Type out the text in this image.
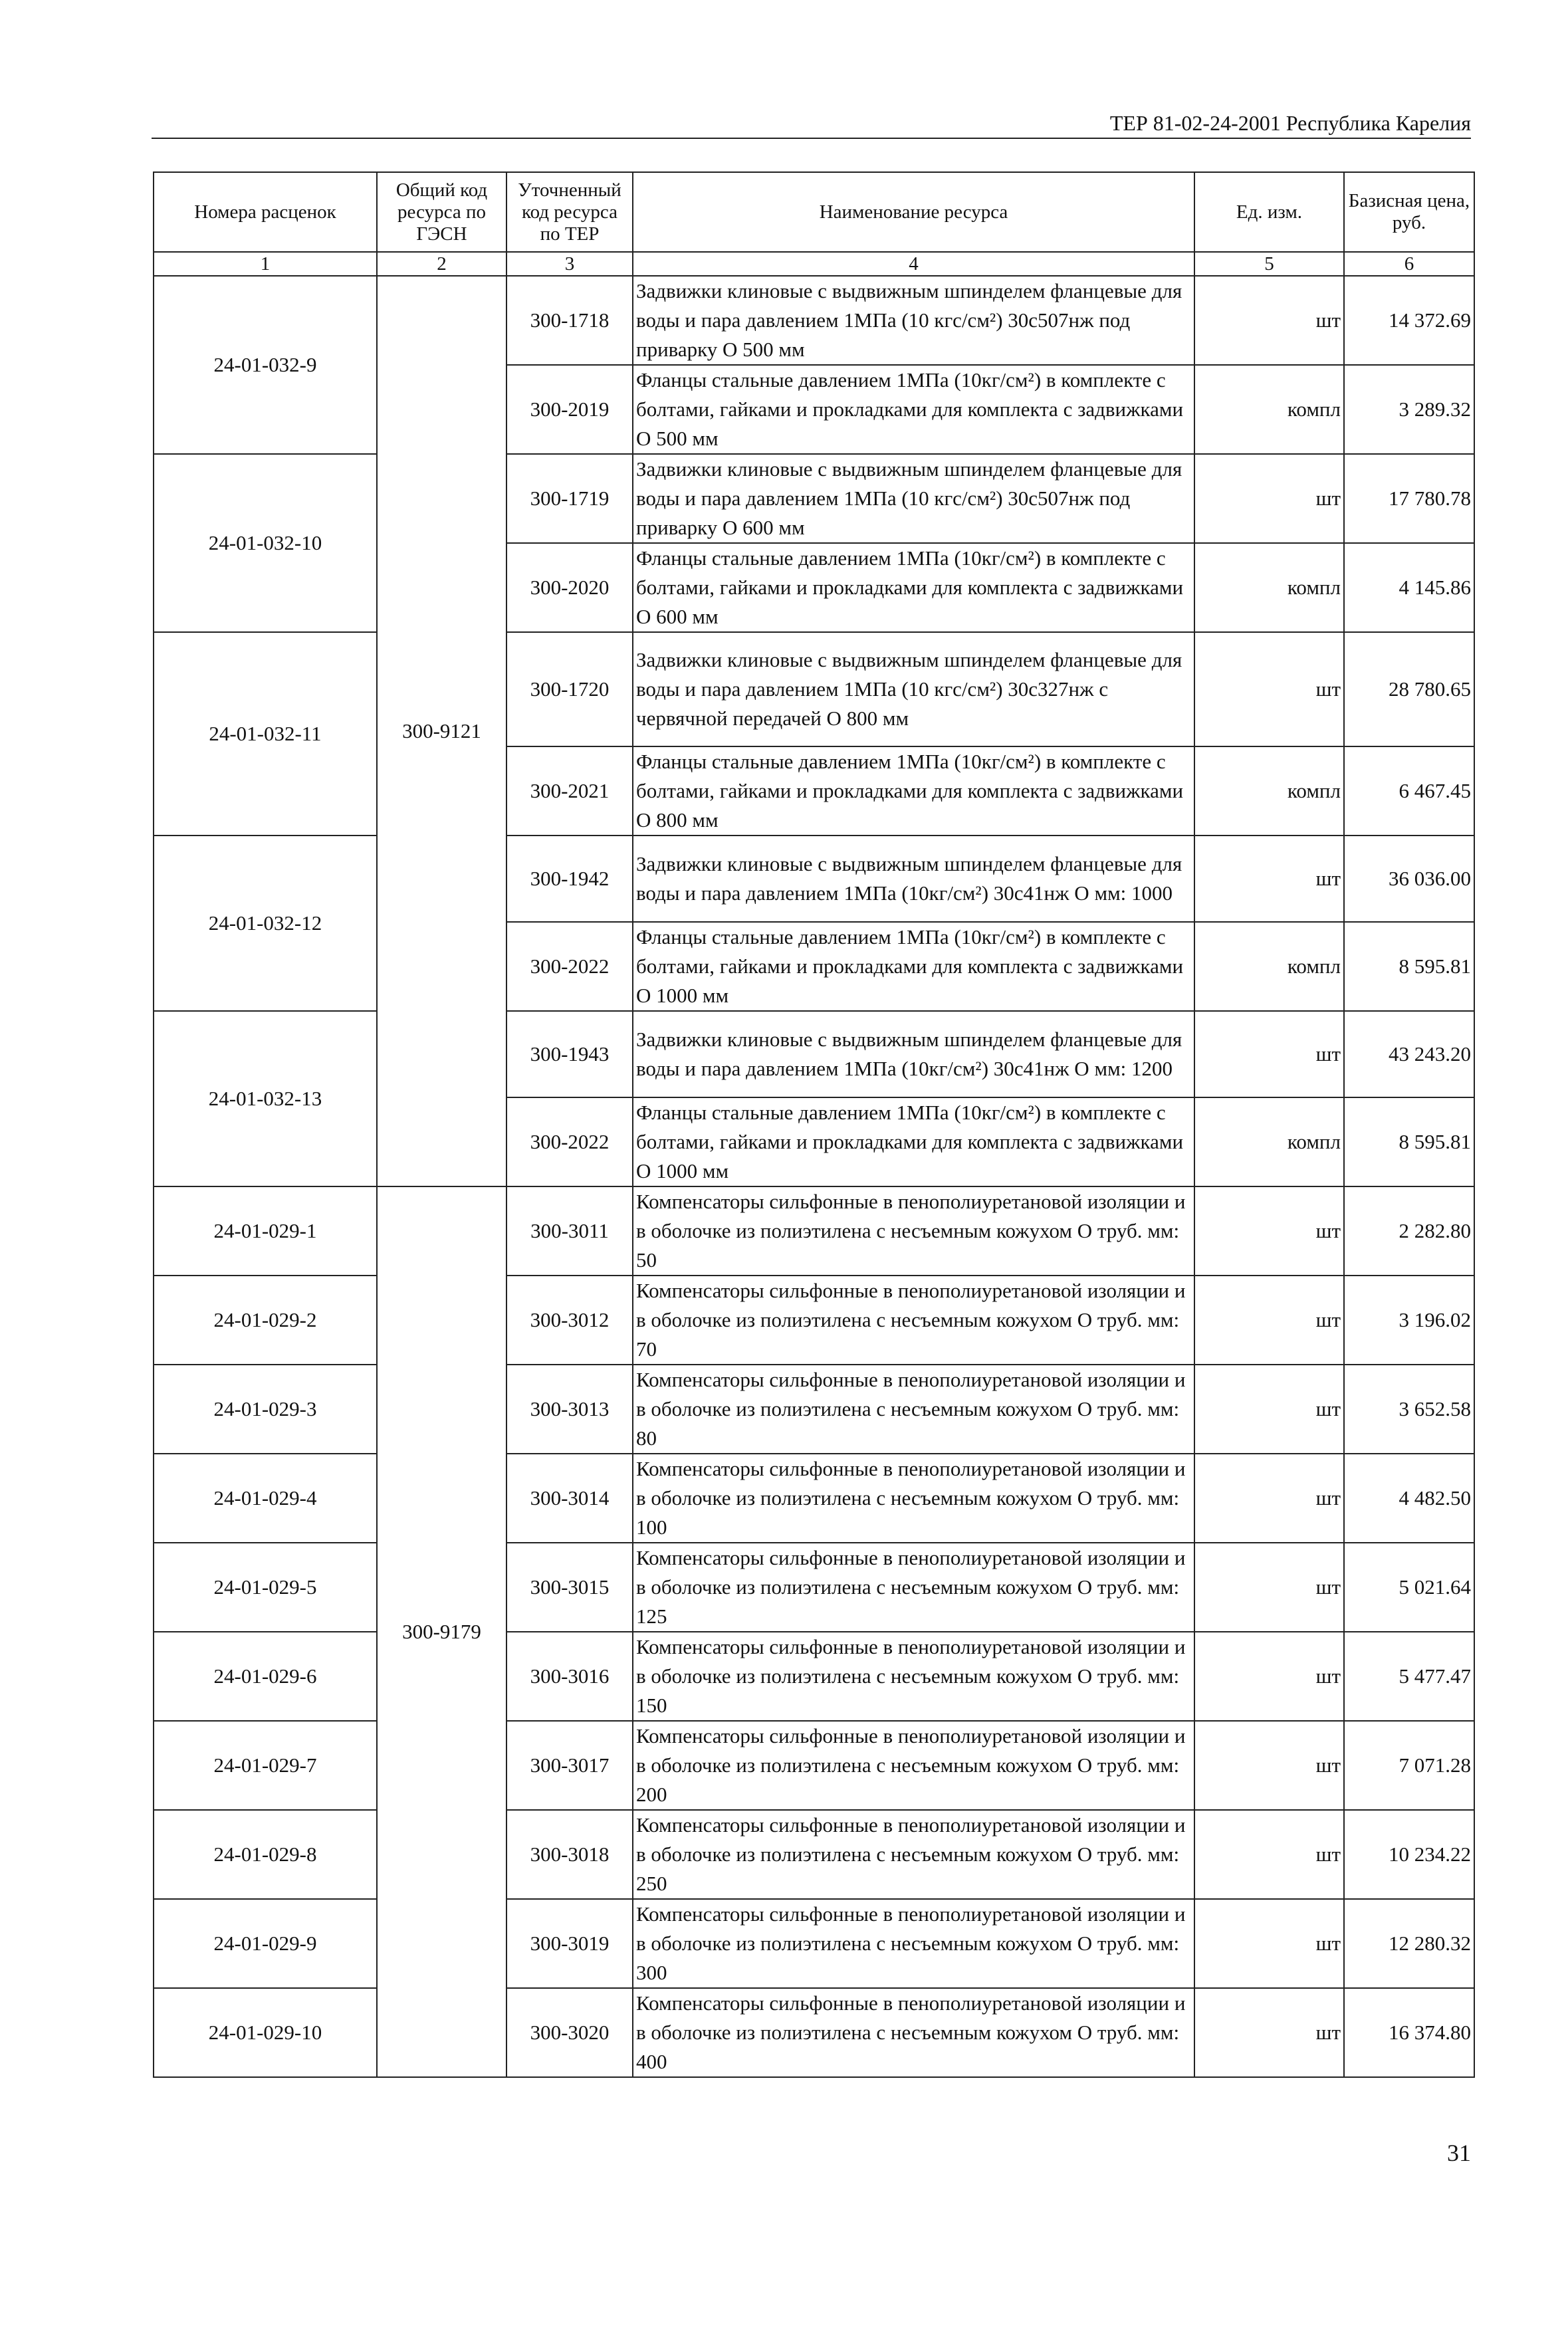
ТЕР 81-02-24-2001 Республика Карелия
Номера расценок	Общий код ресурса по ГЭСН	Уточненный код ресурса по ТЕР	Наименование ресурса	Ед. изм.	Базисная цена, руб.
1	2	3	4	5	6
24-01-032-9	300-9121	300-1718	Задвижки клиновые с выдвижным шпинделем фланцевые для воды и пара давлением 1МПа (10 кгс/см²) 30с507нж под приварку О 500 мм	шт	14 372.69
		300-2019	Фланцы стальные давлением 1МПа (10кг/см²) в комплекте с болтами, гайками и прокладками для комплекта с задвижками О 500 мм	компл	3 289.32
24-01-032-10		300-1719	Задвижки клиновые с выдвижным шпинделем фланцевые для воды и пара давлением 1МПа (10 кгс/см²) 30с507нж под приварку О 600 мм	шт	17 780.78
		300-2020	Фланцы стальные давлением 1МПа (10кг/см²) в комплекте с болтами, гайками и прокладками для комплекта с задвижками О 600 мм	компл	4 145.86
24-01-032-11		300-1720	Задвижки клиновые с выдвижным шпинделем фланцевые для воды и пара давлением 1МПа (10 кгс/см²) 30с327нж с червячной передачей О 800 мм	шт	28 780.65
		300-2021	Фланцы стальные давлением 1МПа (10кг/см²) в комплекте с болтами, гайками и прокладками для комплекта с задвижками О 800 мм	компл	6 467.45
24-01-032-12		300-1942	Задвижки клиновые с выдвижным шпинделем фланцевые для воды и пара давлением 1МПа (10кг/см²) 30с41нж О мм: 1000	шт	36 036.00
		300-2022	Фланцы стальные давлением 1МПа (10кг/см²) в комплекте с болтами, гайками и прокладками для комплекта с задвижками О 1000 мм	компл	8 595.81
24-01-032-13		300-1943	Задвижки клиновые с выдвижным шпинделем фланцевые для воды и пара давлением 1МПа (10кг/см²) 30с41нж О мм: 1200	шт	43 243.20
		300-2022	Фланцы стальные давлением 1МПа (10кг/см²) в комплекте с болтами, гайками и прокладками для комплекта с задвижками О 1000 мм	компл	8 595.81
24-01-029-1	300-9179	300-3011	Компенсаторы сильфонные в пенополиуретановой изоляции и в оболочке из полиэтилена с несъемным кожухом О труб. мм: 50	шт	2 282.80
24-01-029-2		300-3012	Компенсаторы сильфонные в пенополиуретановой изоляции и в оболочке из полиэтилена с несъемным кожухом О труб. мм: 70	шт	3 196.02
24-01-029-3		300-3013	Компенсаторы сильфонные в пенополиуретановой изоляции и в оболочке из полиэтилена с несъемным кожухом О труб. мм: 80	шт	3 652.58
24-01-029-4		300-3014	Компенсаторы сильфонные в пенополиуретановой изоляции и в оболочке из полиэтилена с несъемным кожухом О труб. мм: 100	шт	4 482.50
24-01-029-5		300-3015	Компенсаторы сильфонные в пенополиуретановой изоляции и в оболочке из полиэтилена с несъемным кожухом О труб. мм: 125	шт	5 021.64
24-01-029-6		300-3016	Компенсаторы сильфонные в пенополиуретановой изоляции и в оболочке из полиэтилена с несъемным кожухом О труб. мм: 150	шт	5 477.47
24-01-029-7		300-3017	Компенсаторы сильфонные в пенополиуретановой изоляции и в оболочке из полиэтилена с несъемным кожухом О труб. мм: 200	шт	7 071.28
24-01-029-8		300-3018	Компенсаторы сильфонные в пенополиуретановой изоляции и в оболочке из полиэтилена с несъемным кожухом О труб. мм: 250	шт	10 234.22
24-01-029-9		300-3019	Компенсаторы сильфонные в пенополиуретановой изоляции и в оболочке из полиэтилена с несъемным кожухом О труб. мм: 300	шт	12 280.32
24-01-029-10		300-3020	Компенсаторы сильфонные в пенополиуретановой изоляции и в оболочке из полиэтилена с несъемным кожухом О труб. мм: 400	шт	16 374.80
31
